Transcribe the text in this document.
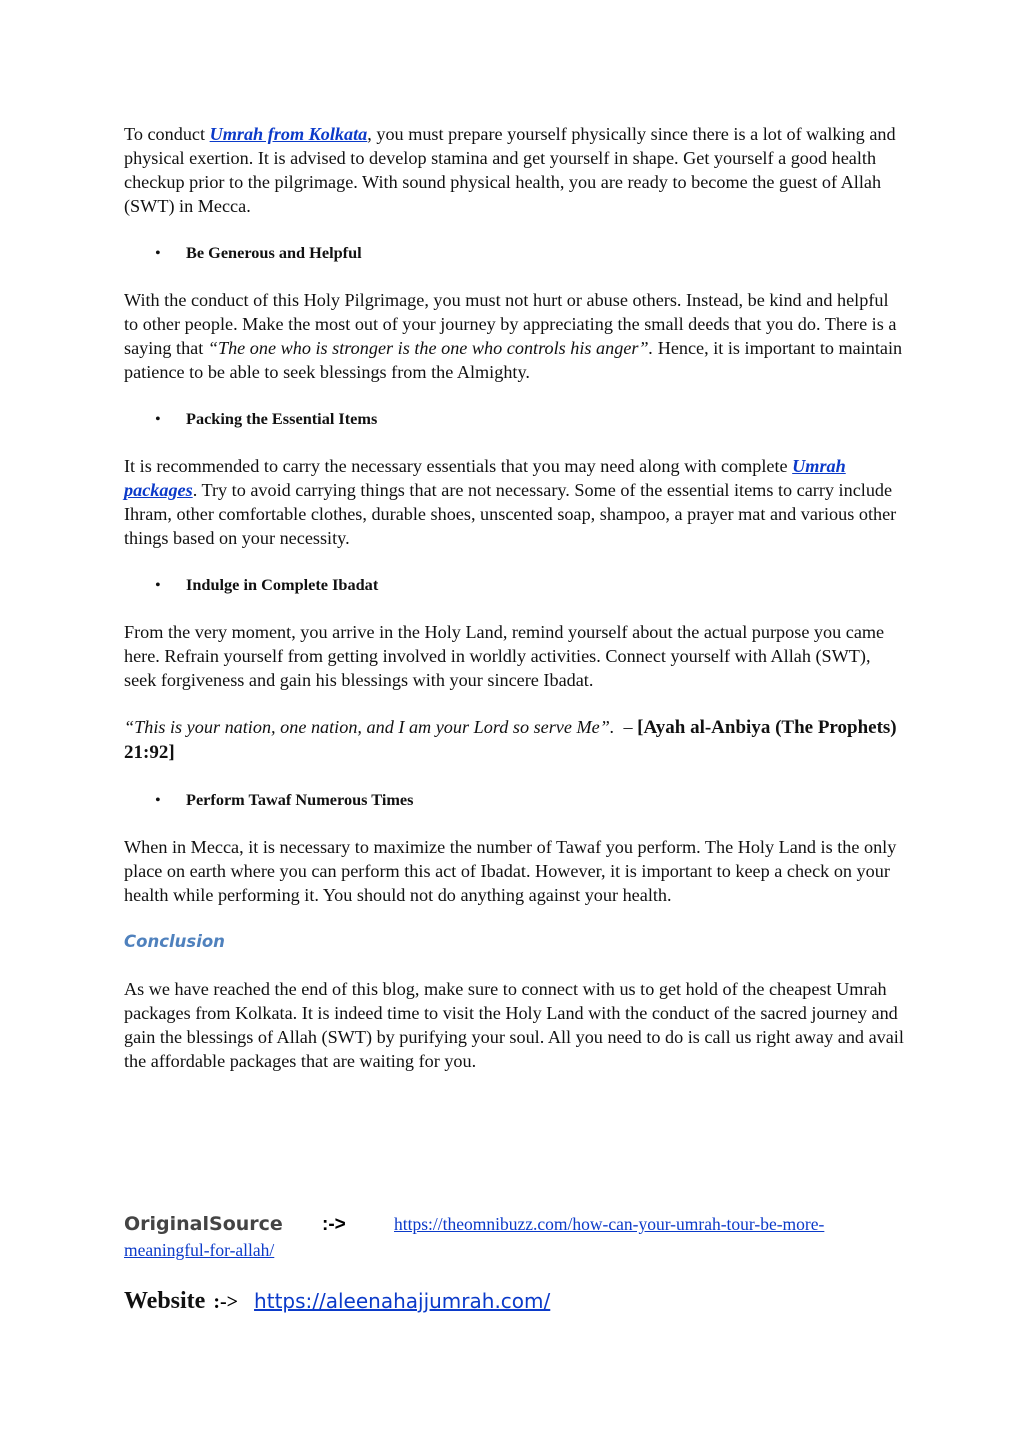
To conduct Umrah from Kolkata, you must prepare yourself physically since there is a lot of walking and physical exertion. It is advised to develop stamina and get yourself in shape. Get yourself a good health checkup prior to the pilgrimage. With sound physical health, you are ready to become the guest of Allah (SWT) in Mecca.

•	Be Generous and Helpful

With the conduct of this Holy Pilgrimage, you must not hurt or abuse others. Instead, be kind and helpful to other people. Make the most out of your journey by appreciating the small deeds that you do. There is a saying that “The one who is stronger is the one who controls his anger”. Hence, it is important to maintain patience to be able to seek blessings from the Almighty.

•	Packing the Essential Items

It is recommended to carry the necessary essentials that you may need along with complete Umrah packages. Try to avoid carrying things that are not necessary. Some of the essential items to carry include Ihram, other comfortable clothes, durable shoes, unscented soap, shampoo, a prayer mat and various other things based on your necessity.

•	Indulge in Complete Ibadat

From the very moment, you arrive in the Holy Land, remind yourself about the actual purpose you came here. Refrain yourself from getting involved in worldly activities. Connect yourself with Allah (SWT), seek forgiveness and gain his blessings with your sincere Ibadat.

“This is your nation, one nation, and I am your Lord so serve Me”.  – [Ayah al-Anbiya (The Prophets) 21:92]

•	Perform Tawaf Numerous Times

When in Mecca, it is necessary to maximize the number of Tawaf you perform. The Holy Land is the only place on earth where you can perform this act of Ibadat. However, it is important to keep a check on your health while performing it. You should not do anything against your health.

Conclusion

As we have reached the end of this blog, make sure to connect with us to get hold of the cheapest Umrah packages from Kolkata. It is indeed time to visit the Holy Land with the conduct of the sacred journey and gain the blessings of Allah (SWT) by purifying your soul. All you need to do is call us right away and avail the affordable packages that are waiting for you.

OriginalSource	:->	https://theomnibuzz.com/how-can-your-umrah-tour-be-more-
meaningful-for-allah/
Website :-> https://aleenahajjumrah.com/
